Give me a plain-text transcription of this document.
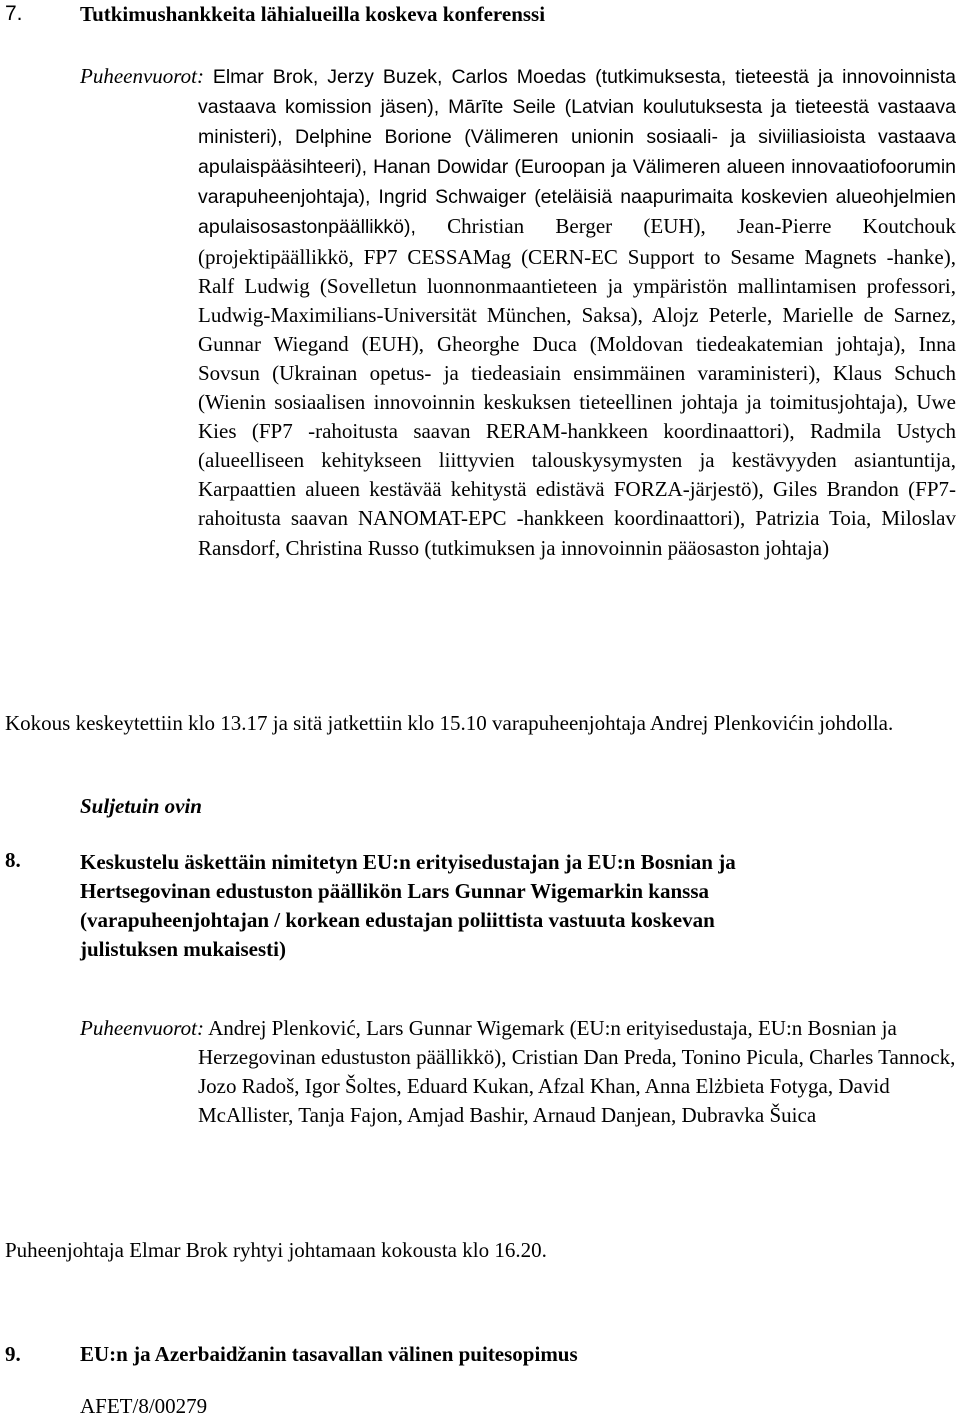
7.	Tutkimushankkeita lähialueilla koskeva konferenssi
Puheenvuorot: Elmar Brok, Jerzy Buzek, Carlos Moedas (tutkimuksesta, tieteestä ja innovoinnista vastaava komission jäsen), Mārīte Seile (Latvian koulutuksesta ja tieteestä vastaava ministeri), Delphine Borione (Välimeren unionin sosiaali- ja siviiliasioista vastaava apulaispääsihteeri), Hanan Dowidar (Euroopan ja Välimeren alueen innovaatiofoorumin varapuheenjohtaja), Ingrid Schwaiger (eteläisiä naapurimaita koskevien alueohjelmien apulaisosastonpäällikkö), Christian Berger (EUH), Jean-Pierre Koutchouk (projektipäällikkö, FP7 CESSAMag (CERN-EC Support to Sesame Magnets -hanke), Ralf Ludwig (Sovelletun luonnonmaantieteen ja ympäristön mallintamisen professori, Ludwig-Maximilians-Universität München, Saksa), Alojz Peterle, Marielle de Sarnez, Gunnar Wiegand (EUH), Gheorghe Duca (Moldovan tiedeakatemian johtaja), Inna Sovsun (Ukrainan opetus- ja tiedeasiain ensimmäinen varaministeri), Klaus Schuch (Wienin sosiaalisen innovoinnin keskuksen tieteellinen johtaja ja toimitusjohtaja), Uwe Kies (FP7 -rahoitusta saavan RERAM-hankkeen koordinaattori), Radmila Ustych (alueelliseen kehitykseen liittyvien talouskysymysten ja kestävyyden asiantuntija, Karpaattien alueen kestävää kehitystä edistävä FORZA-järjestö), Giles Brandon (FP7-rahoitusta saavan NANOMAT-EPC -hankkeen koordinaattori), Patrizia Toia, Miloslav Ransdorf, Christina Russo (tutkimuksen ja innovoinnin pääosaston johtaja)
Kokous keskeytettiin klo 13.17 ja sitä jatkettiin klo 15.10 varapuheenjohtaja Andrej Plenkovićin johdolla.
Suljetuin ovin
8.	Keskustelu äskettäin nimitetyn EU:n erityisedustajan ja EU:n Bosnian ja
Hertsegovinan edustuston päällikön Lars Gunnar Wigemarkin kanssa
(varapuheenjohtajan / korkean edustajan poliittista vastuuta koskevan
julistuksen mukaisesti)
Puheenvuorot: Andrej Plenković, Lars Gunnar Wigemark (EU:n erityisedustaja, EU:n Bosnian ja Herzegovinan edustuston päällikkö), Cristian Dan Preda, Tonino Picula, Charles Tannock, Jozo Radoš, Igor Šoltes, Eduard Kukan, Afzal Khan, Anna Elżbieta Fotyga, David McAllister, Tanja Fajon, Amjad Bashir, Arnaud Danjean, Dubravka Šuica
Puheenjohtaja Elmar Brok ryhtyi johtamaan kokousta klo 16.20.
9.	EU:n ja Azerbaidžanin tasavallan välinen puitesopimus
AFET/8/00279
